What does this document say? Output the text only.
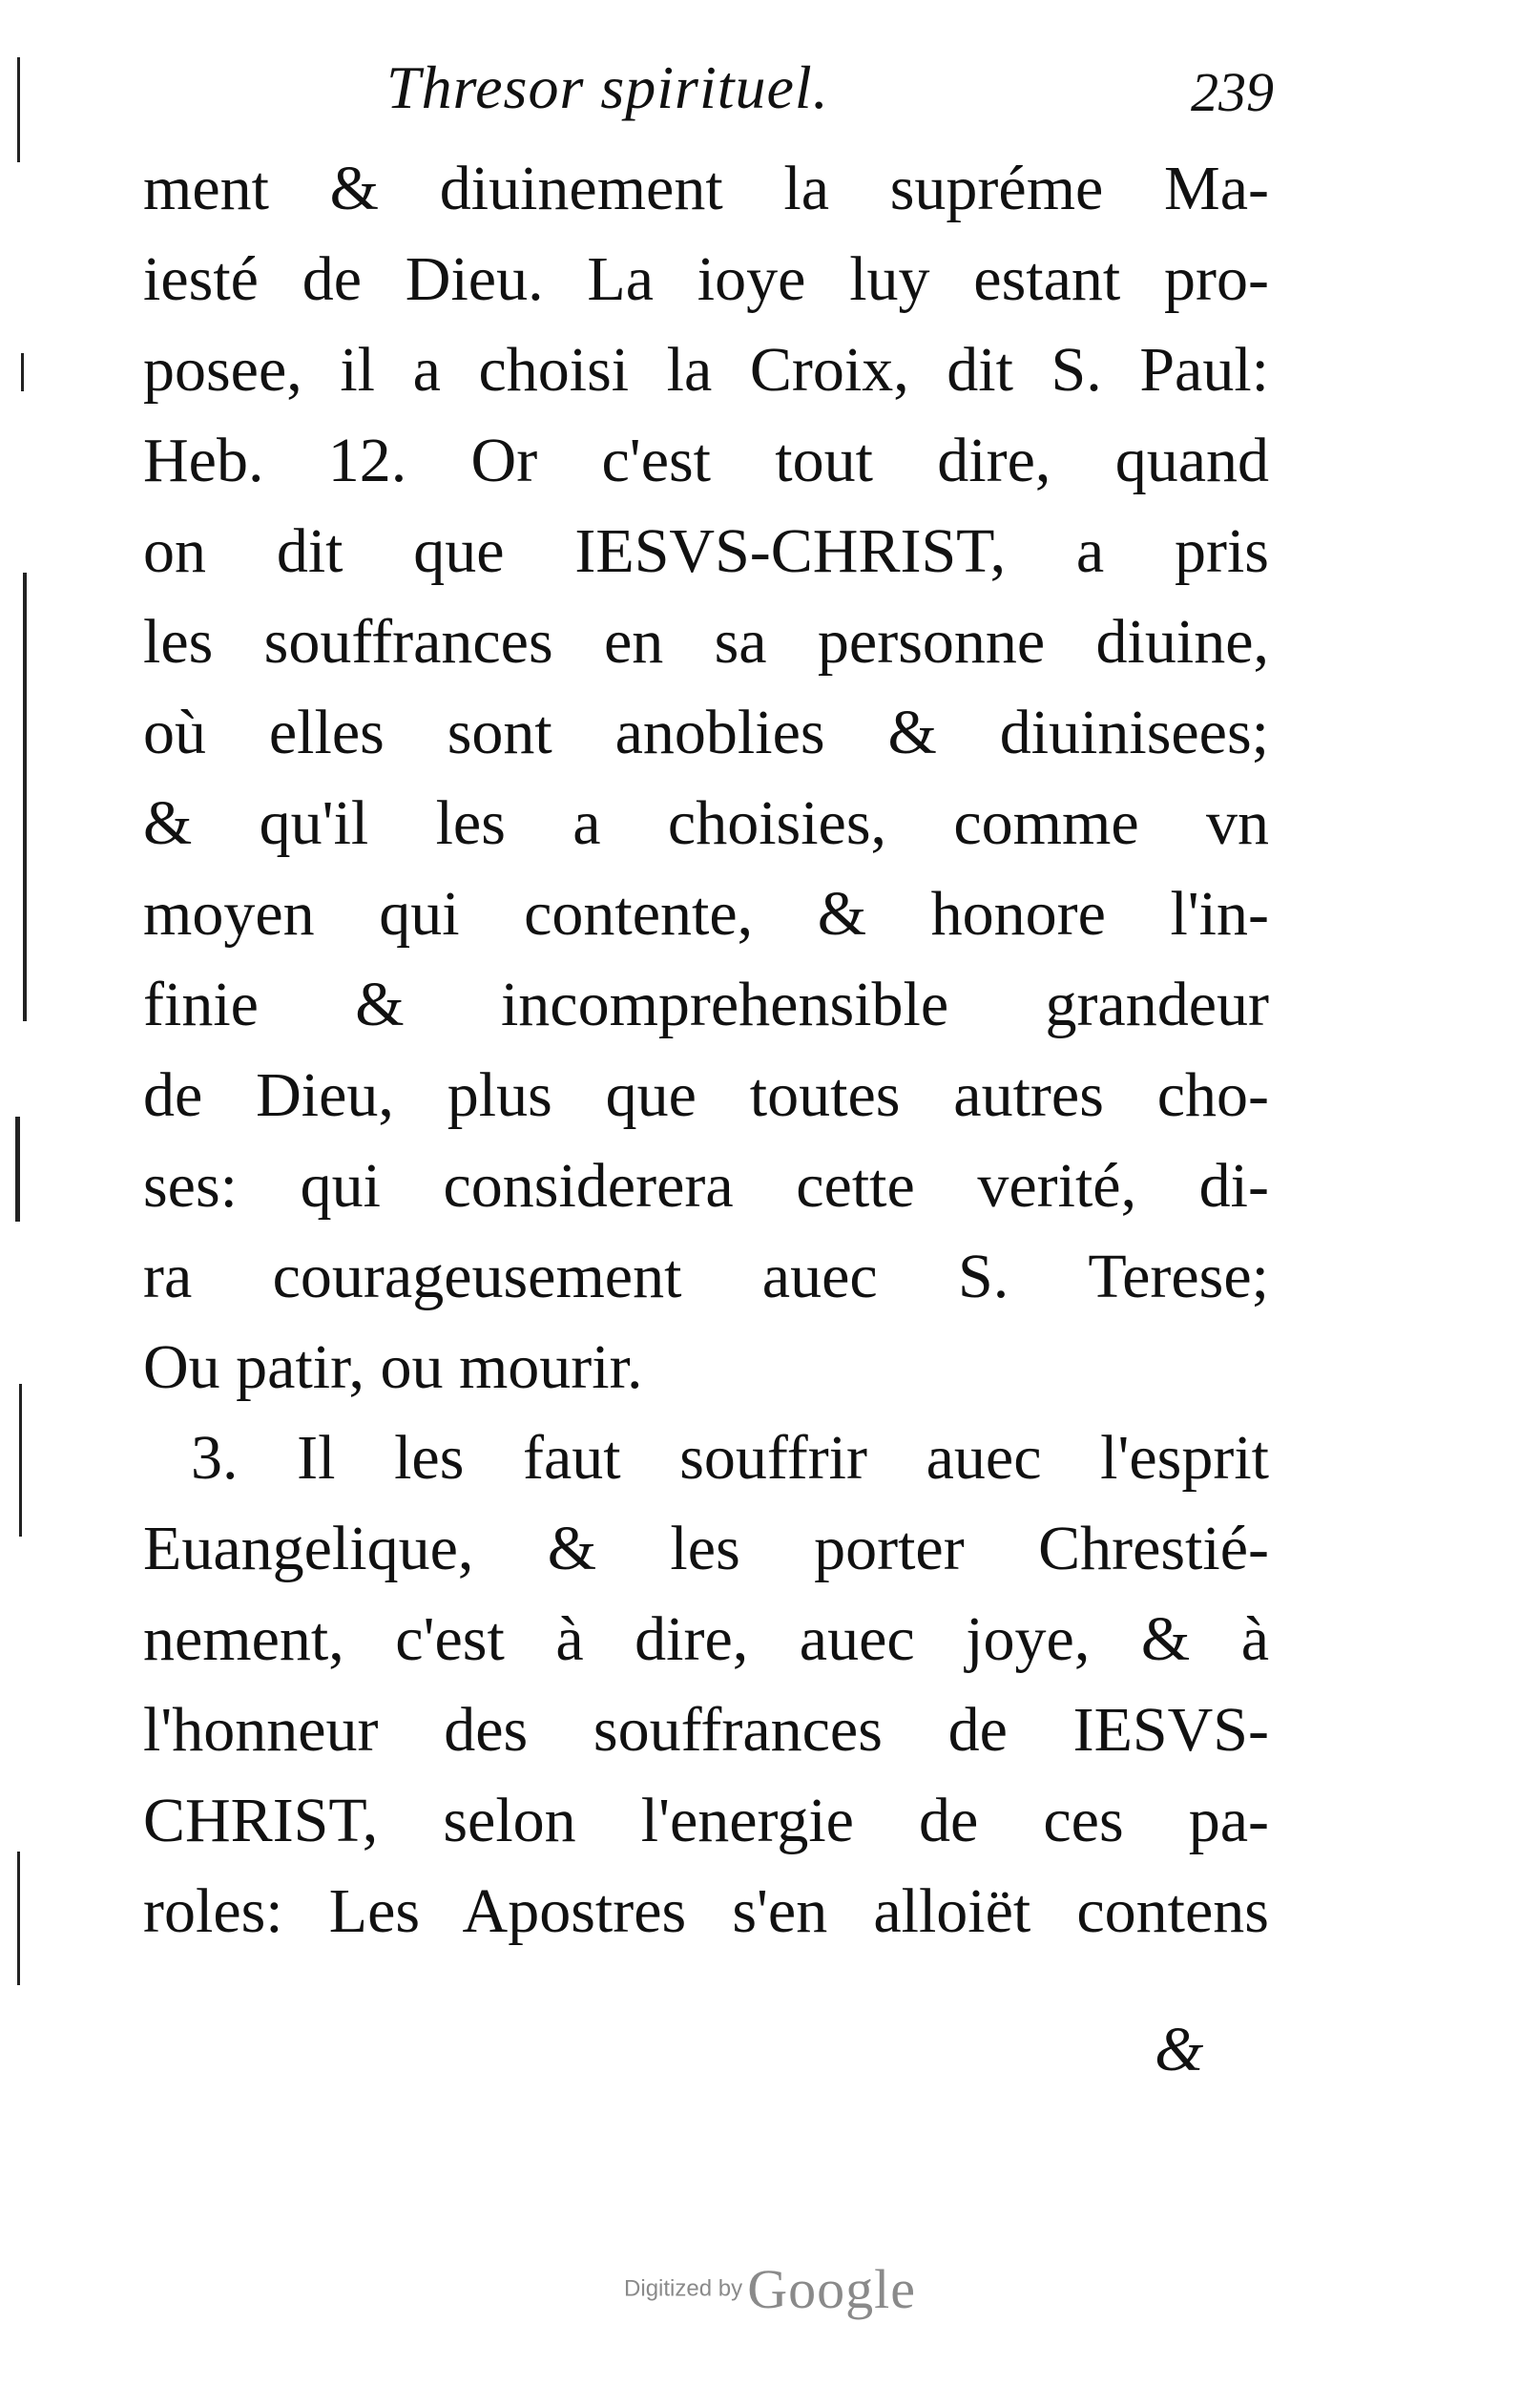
Thresor spirituel.	239
ment & diuinement la supréme Ma-
iesté de Dieu. La ioye luy estant pro-
posee, il a choisi la Croix, dit S. Paul:
Heb. 12. Or c'est tout dire, quand
on dit que IESVS-CHRIST, a pris
les souffrances en sa personne diuine,
où elles sont anoblies & diuinisees;
& qu'il les a choisies, comme vn
moyen qui contente, & honore l'in-
finie & incomprehensible grandeur
de Dieu, plus que toutes autres cho-
ses: qui considerera cette verité, di-
ra courageusement auec S. Terese;
Ou patir, ou mourir.
3. Il les faut souffrir auec l'esprit
Euangelique, & les porter Chrestié-
nement, c'est à dire, auec joye, & à
l'honneur des souffrances de IESVS-
CHRIST, selon l'energie de ces pa-
roles: Les Apostres s'en alloiët contens
&
Digitized by Google
